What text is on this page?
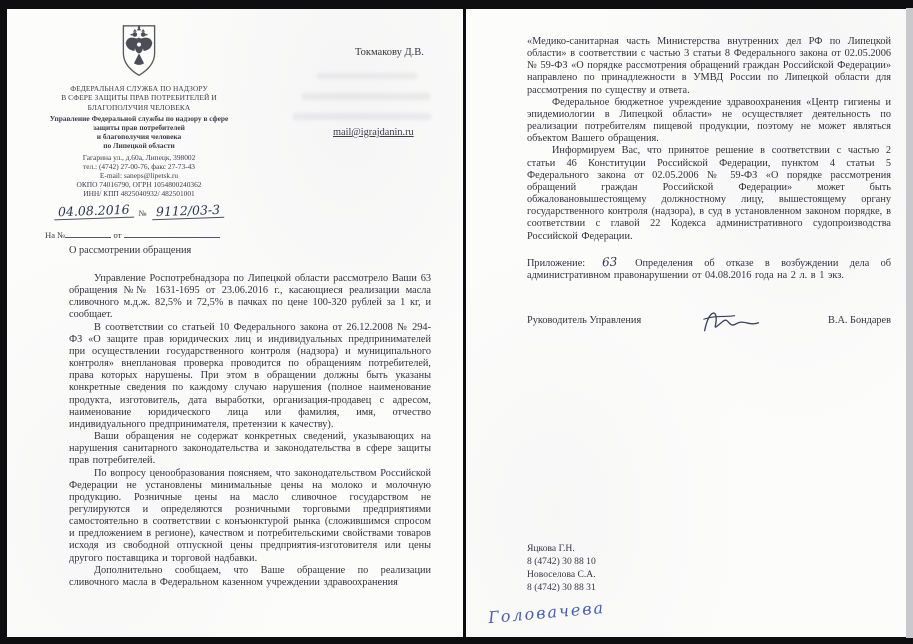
ФЕДЕРАЛЬНАЯ СЛУЖБА ПО НАДЗОРУ
В СФЕРЕ ЗАЩИТЫ ПРАВ ПОТРЕБИТЕЛЕЙ И
БЛАГОПОЛУЧИЯ ЧЕЛОВЕКА
Управление Федеральной службы по надзору в сфере
защиты прав потребителей
и благополучия человека
по Липецкой области
Гагарина ул., д.60а, Липецк, 398002
тел.: (4742) 27-00-76, факс 27-73-43
E-mail: saneps@lipetsk.ru
ОКПО 74016790, ОГРН 1054800240362
ИНН/ КПП 4825040932/ 482501001
04.08.2016	№ 9112/03-3
На №	от
Токмакову Д.В.
mail@igrajdanin.ru

О рассмотрении обращения

Управление Роспотребнадзора по Липецкой области рассмотрело Ваши 63 обращения №№ 1631-1695 от 23.06.2016 г., касающиеся реализации масла сливочного м.д.ж. 82,5% и 72,5% в пачках по цене 100-320 рублей за 1 кг, и сообщает.

В соответствии со статьей 10 Федерального закона от 26.12.2008 № 294-ФЗ «О защите прав юридических лиц и индивидуальных предпринимателей при осуществлении государственного контроля (надзора) и муниципального контроля» внеплановая проверка проводится по обращениям потребителей, права которых нарушены. При этом в обращении должны быть указаны конкретные сведения по каждому случаю нарушения (полное наименование продукта, изготовитель, дата выработки, организация-продавец с адресом, наименование юридического лица или фамилия, имя, отчество индивидуального предпринимателя, претензии к качеству).

Ваши обращения не содержат конкретных сведений, указывающих на нарушения санитарного законодательства и законодательства в сфере защиты прав потребителей.

По вопросу ценообразования поясняем, что законодательством Российской Федерации не установлены минимальные цены на молоко и молочную продукцию. Розничные цены на масло сливочное государством не регулируются и определяются розничными торговыми предприятиями самостоятельно в соответствии с конъюнктурой рынка (сложившимся спросом и предложением в регионе), качеством и потребительскими свойствами товаров исходя из свободной отпускной цены предприятия-изготовителя или цены другого поставщика и торговой надбавки.

Дополнительно сообщаем, что Ваше обращение по реализации сливочного масла в Федеральном казенном учреждении здравоохранения

«Медико-санитарная часть Министерства внутренних дел РФ по Липецкой области» в соответствии с частью 3 статьи 8 Федерального закона от 02.05.2006 № 59-ФЗ «О порядке рассмотрения обращений граждан Российской Федерации» направлено по принадлежности в УМВД России по Липецкой области для рассмотрения по существу и ответа.

Федеральное бюджетное учреждение здравоохранения «Центр гигиены и эпидемиологии в Липецкой области» не осуществляет деятельность по реализации потребителям пищевой продукции, поэтому не может являться объектом Вашего обращения.

Информируем Вас, что принятое решение в соответствии с частью 2 статьи 46 Конституции Российской Федерации, пунктом 4 статьи 5 Федерального закона от 02.05.2006 № 59-ФЗ «О порядке рассмотрения обращений граждан Российской Федерации» может быть обжаловановышестоящему должностному лицу, вышестоящему органу государственного контроля (надзора), в суд в установленном законом порядке, в соответствии с главой 22 Кодекса административного судопроизводства Российской Федерации.

Приложение: 63 Определения об отказе в возбуждении дела об административном правонарушении от 04.08.2016 года на 2 л. в 1 экз.

Руководитель Управления	В.А. Бондарев
Яцкова Г.Н.
8 (4742) 30 88 10
Новоселова С.А.
8 (4742) 30 88 31
Головачева
